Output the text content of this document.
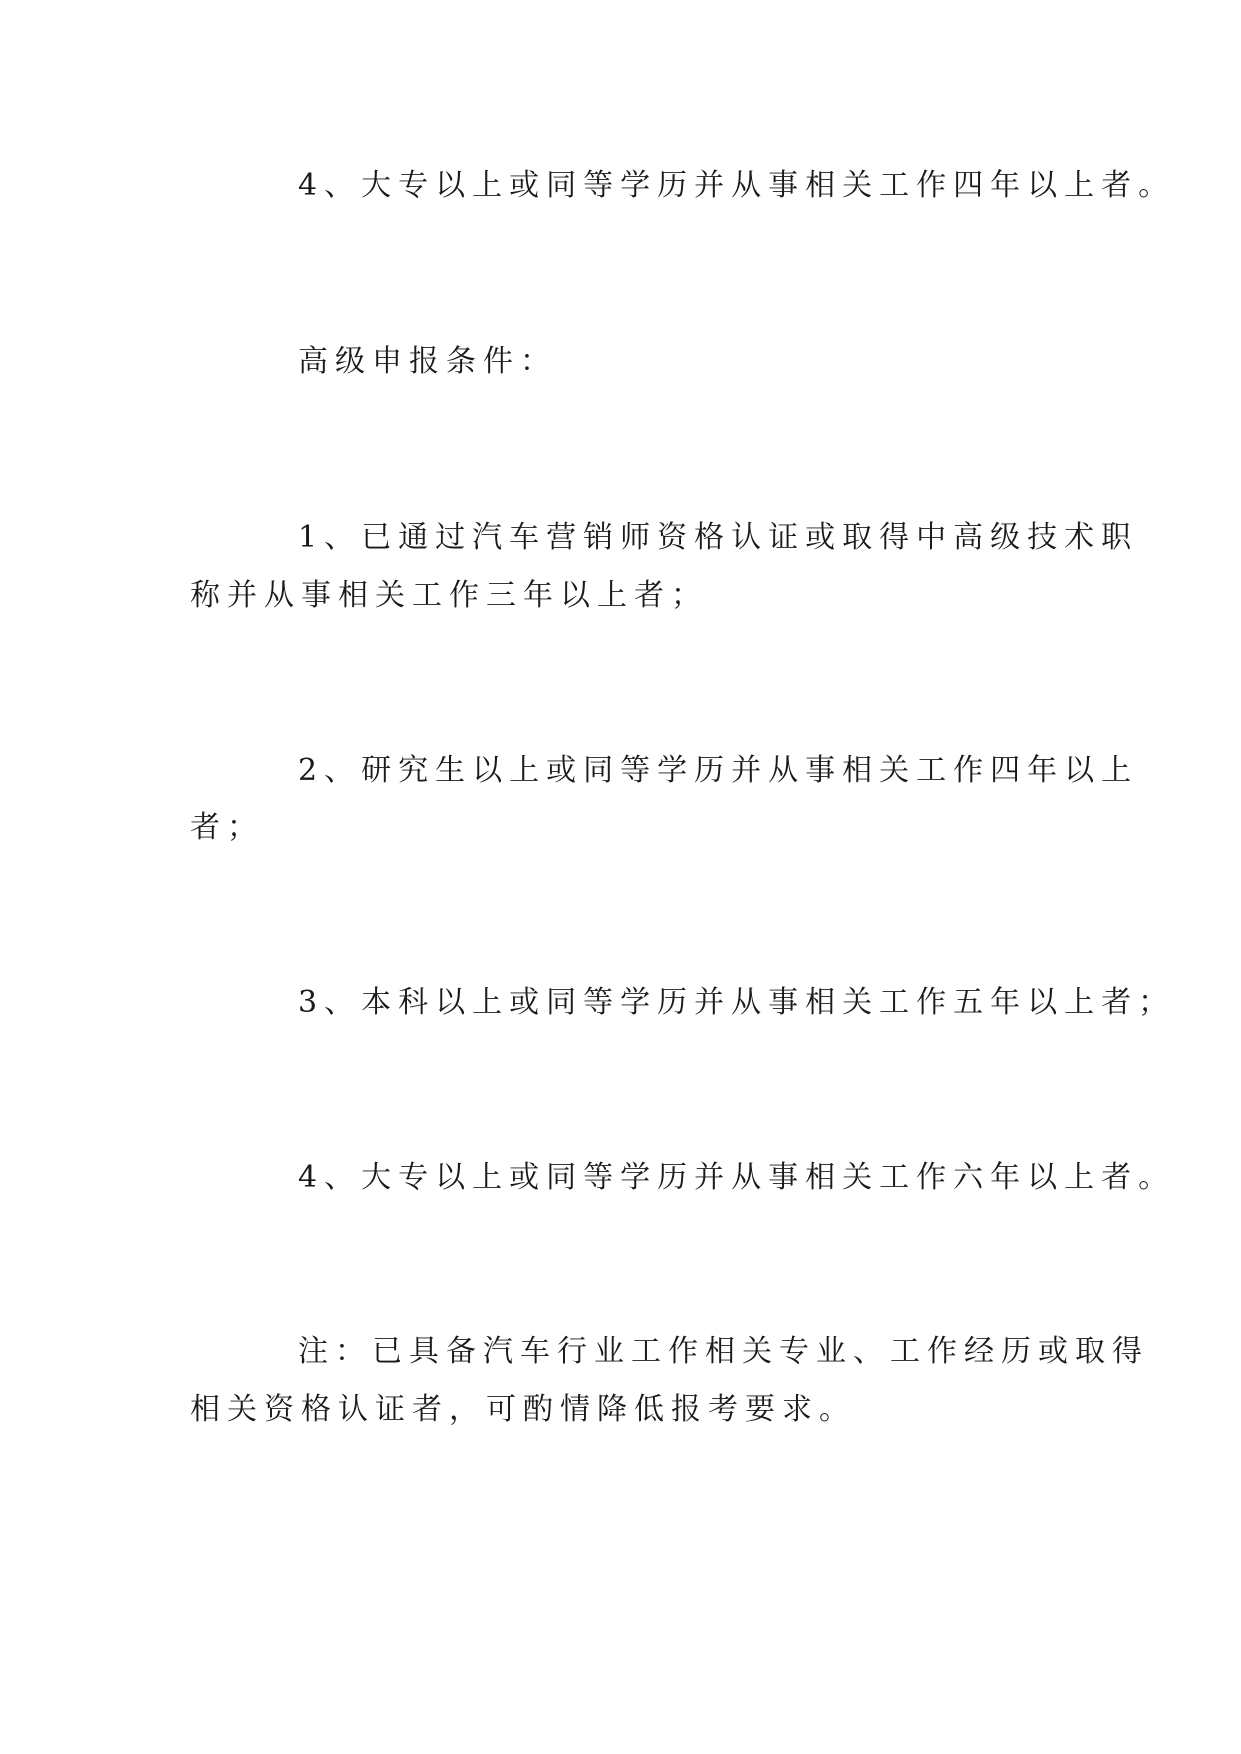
4、大专以上或同等学历并从事相关工作四年以上者。
高级申报条件：
1、已通过汽车营销师资格认证或取得中高级技术职
称并从事相关工作三年以上者；
2、研究生以上或同等学历并从事相关工作四年以上
者；
3、本科以上或同等学历并从事相关工作五年以上者；
4、大专以上或同等学历并从事相关工作六年以上者。
注：已具备汽车行业工作相关专业、工作经历或取得
相关资格认证者，可酌情降低报考要求。
